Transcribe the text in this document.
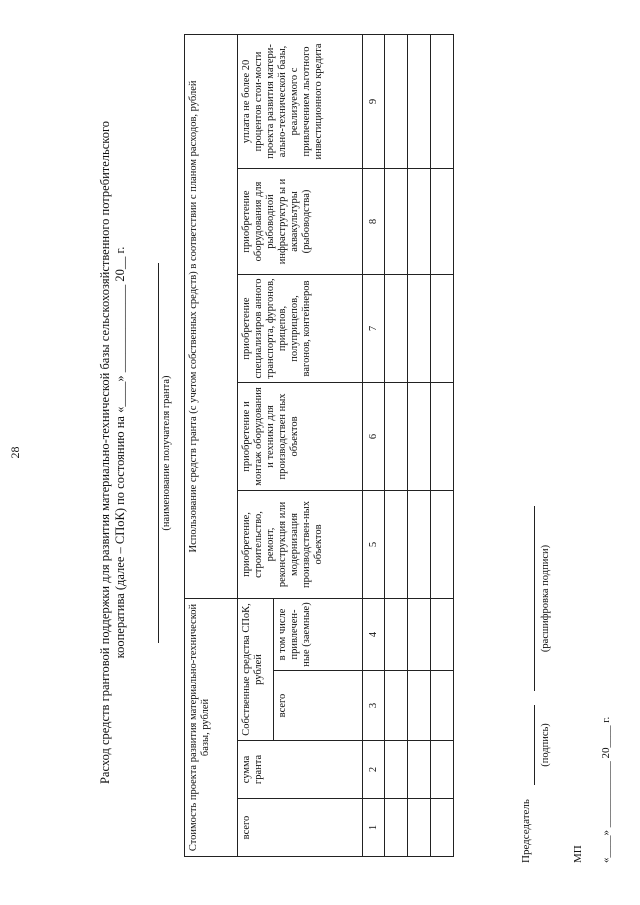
28	Расход средств грантовой поддержки для развития материально-технической базы сельскохозяйственного потребительского кооператива (далее – СПоК) по состоянию на «____» ______________ 20__ г.	(наименование получателя гранта)
Стоимость проекта развития материально-технической базы, рублей				Использование средств гранта (с учетом собственных средств) в соответствии с планом расходов, рублей				
всего	сумма гранта	Собственные средства СПоК, рублей		приобретение, строительство, ремонт, реконструкция или модернизация производствен-ных объектов	приобретение и монтаж оборудования и техники для производствен ных объектов	приобретение специализиров анного транспорта, фургонов, прицепов, полуприцепов, вагонов, контейнеров	приобретение оборудования для рыбоводной инфраструктур ы и аквакультуры (рыбоводства)	уплата не более 20 процентов стои-мости проекта развития матери-ально-технической базы, реализуемого с привлечением льготного инвестиционного кредита
		всего	в том числе привлечен-ные (заемные)					
1	2	3	4	5	6	7	8	9

Председатель
(подпись)
(расшифровка подписи)
МП «____» ____________ 20____ г.
